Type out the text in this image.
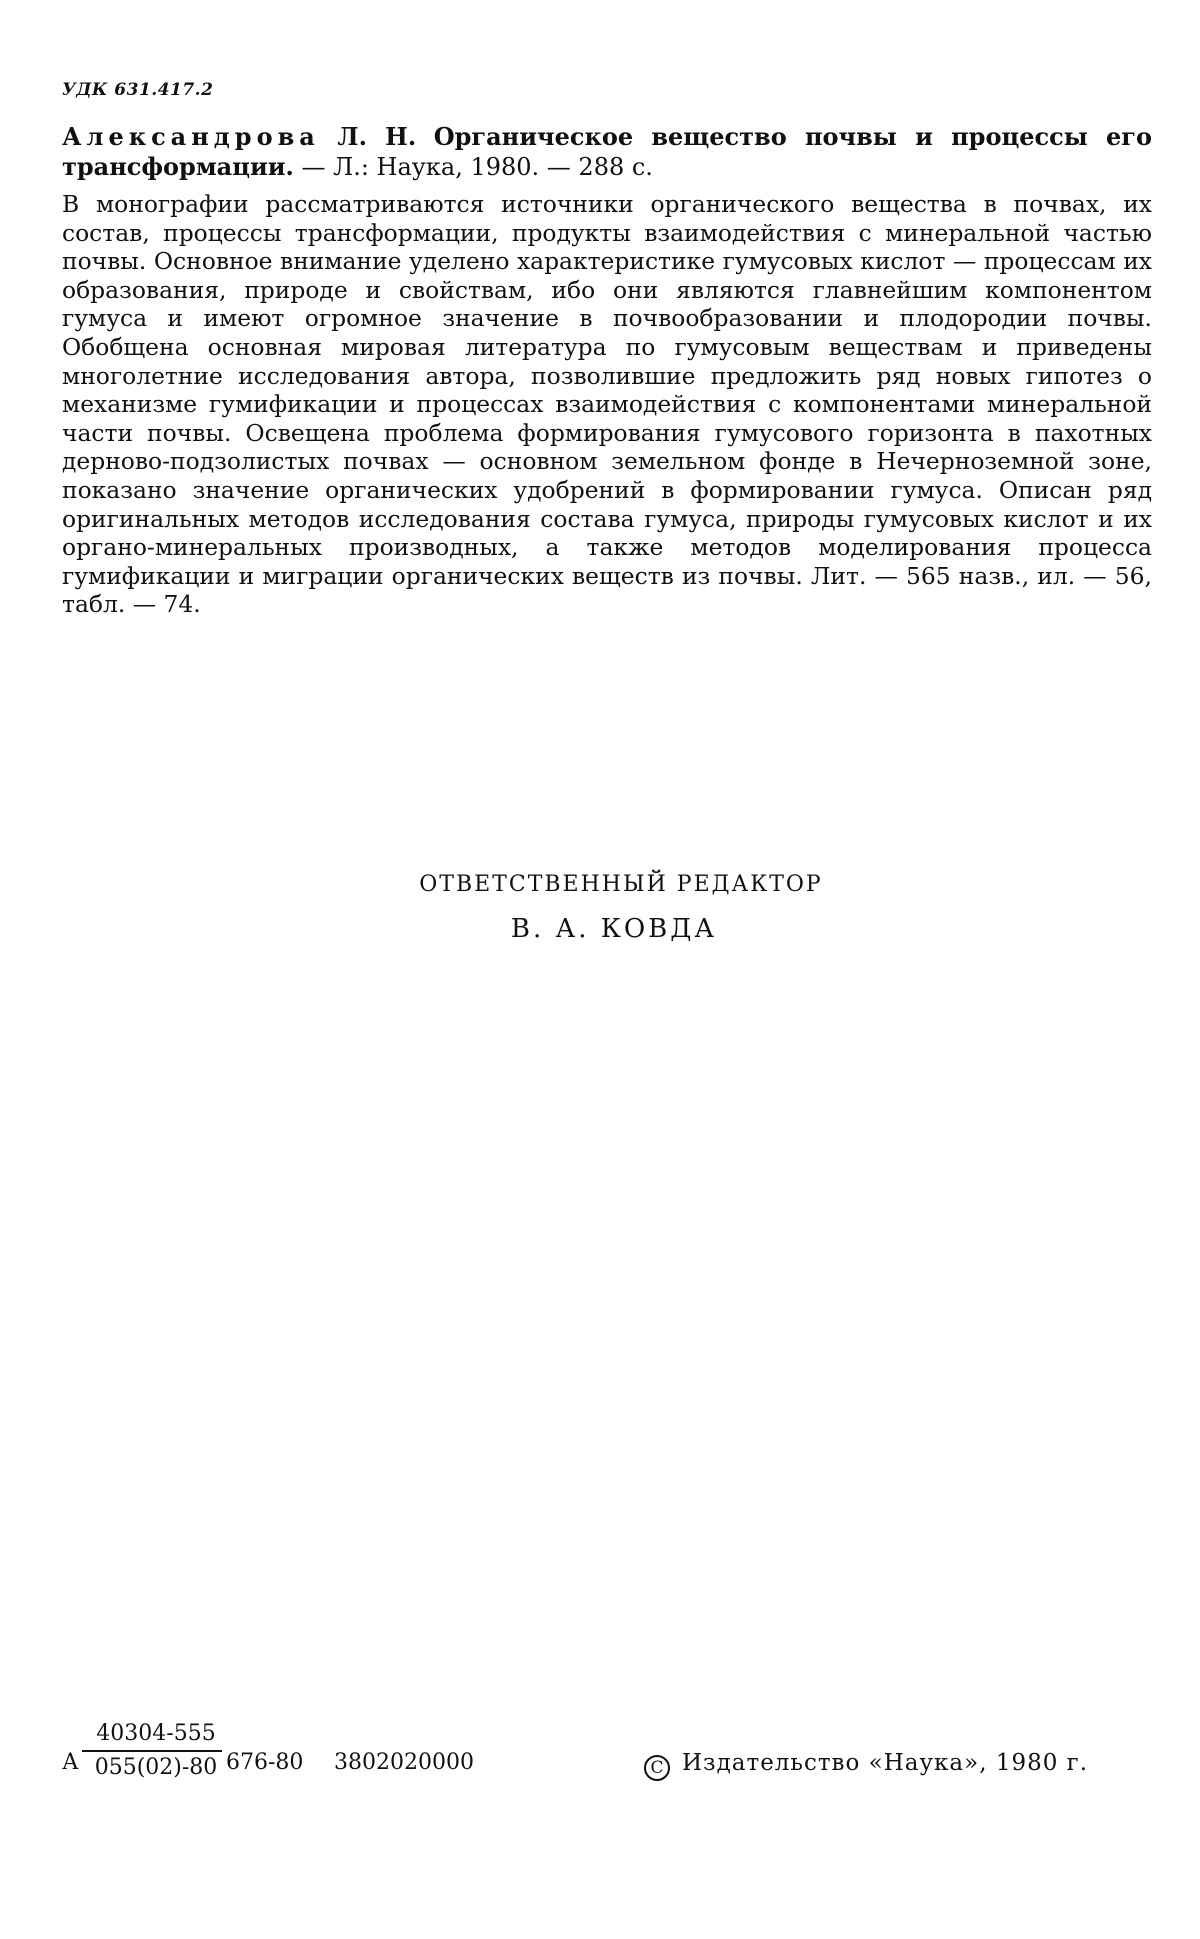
УДК 631.417.2
Александрова Л. Н. Органическое вещество почвы и процессы его трансформации. — Л.: Наука, 1980. — 288 с.

В монографии рассматриваются источники органического вещества в почвах, их состав, процессы трансформации, продукты взаимодействия с минеральной частью почвы. Основное внимание уделено характеристике гумусовых кислот — процессам их образования, природе и свойствам, ибо они являются главнейшим компонентом гумуса и имеют огромное значение в почвообразовании и плодородии почвы. Обобщена основная мировая литература по гумусовым веществам и приведены многолетние исследования автора, позволившие предложить ряд новых гипотез о механизме гумификации и процессах взаимодействия с компонентами минеральной части почвы. Освещена проблема формирования гумусового горизонта в пахотных дерново-подзолистых почвах — основном земельном фонде в Нечерноземной зоне, показано значение органических удобрений в формировании гумуса. Описан ряд оригинальных методов исследования состава гумуса, природы гумусовых кислот и их органо-минеральных производных, а также методов моделирования процесса гумификации и миграции органических веществ из почвы. Лит. — 565 назв., ил. — 56, табл. — 74.

ОТВЕТСТВЕННЫЙ РЕДАКТОР
В. А. КОВДА
А
40304-555
055(02)-80 676-80 3802020000	C Издательство «Наука», 1980 г.
